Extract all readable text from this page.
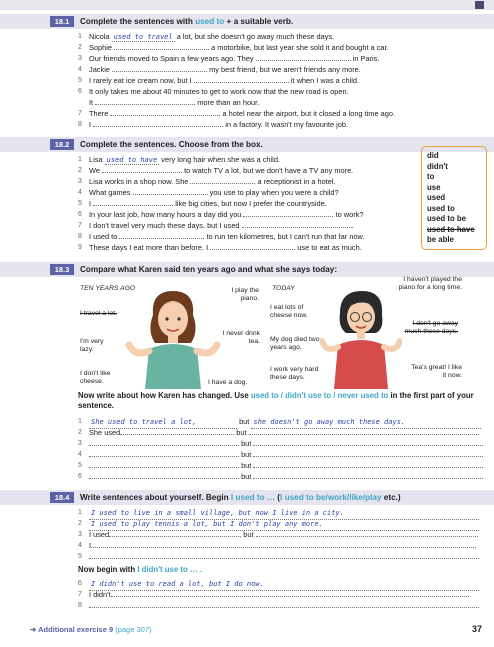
18.1	Complete the sentences with used to + a suitable verb.
1 Nicola used to travel a lot, but she doesn't go away much these days.
2 Sophie	a motorbike, but last year she sold it and bought a car.
3 Our friends moved to Spain a few years ago. They	in Paris.
4 Jackie	my best friend, but we aren't friends any more.
5 I rarely eat ice cream now, but I	it when I was a child.
6 It only takes me about 40 minutes to get to work now that the new road is open.
It	more than an hour.
7 There	a hotel near the airport, but it closed a long time ago.
8 I	in a factory. It wasn't my favourite job.
18.2	Complete the sentences. Choose from the box.
1 Lisa used to have very long hair when she was a child.
2 We	to watch TV a lot, but we don't have a TV any more.
3 Lisa works in a shop now. She	a receptionist in a hotel.
4 What games	you use to play when you were a child?
5 I	like big cities, but now I prefer the countryside.
6 In your last job, how many hours a day did you	to work?
7 I don't travel very much these days, but I used	.
8 I used to	to run ten kilometres, but I can't run that far now.
9 These days I eat more than before. I	use to eat as much.
did
didn't
to
use
used
used to
used to be
used to have
be able
18.3	Compare what Karen said ten years ago and what she says today:
TEN YEARS AGO	TODAY
I travel a lot.
I'm very lazy.
I don't like cheese.
I play the piano.
I never drink tea.
I have a dog.
I eat lots of cheese now.
My dog died two years ago.
I work very hard these days.
I haven't played the piano for a long time.
I don't go away much these days.
Tea's great! I like it now.
Now write about how Karen has changed. Use used to / didn't use to / never used to in the first part of your sentence.
1	She used to travel a lot,	but she doesn't go away much these days.
2 She used	but
3	but
4	but
5	but
6	but
18.4	Write sentences about yourself. Begin I used to … (I used to be/work/like/play etc.)
1	I used to live in a small village, but now I live in a city.
2	I used to play tennis a lot, but I don't play any more.
3 I used	, but
4 I
5
Now begin with I didn't use to … .
6	I didn't use to read a lot, but I do now.
7 I didn't
8
➜ Additional exercise 9 (page 307)	37
